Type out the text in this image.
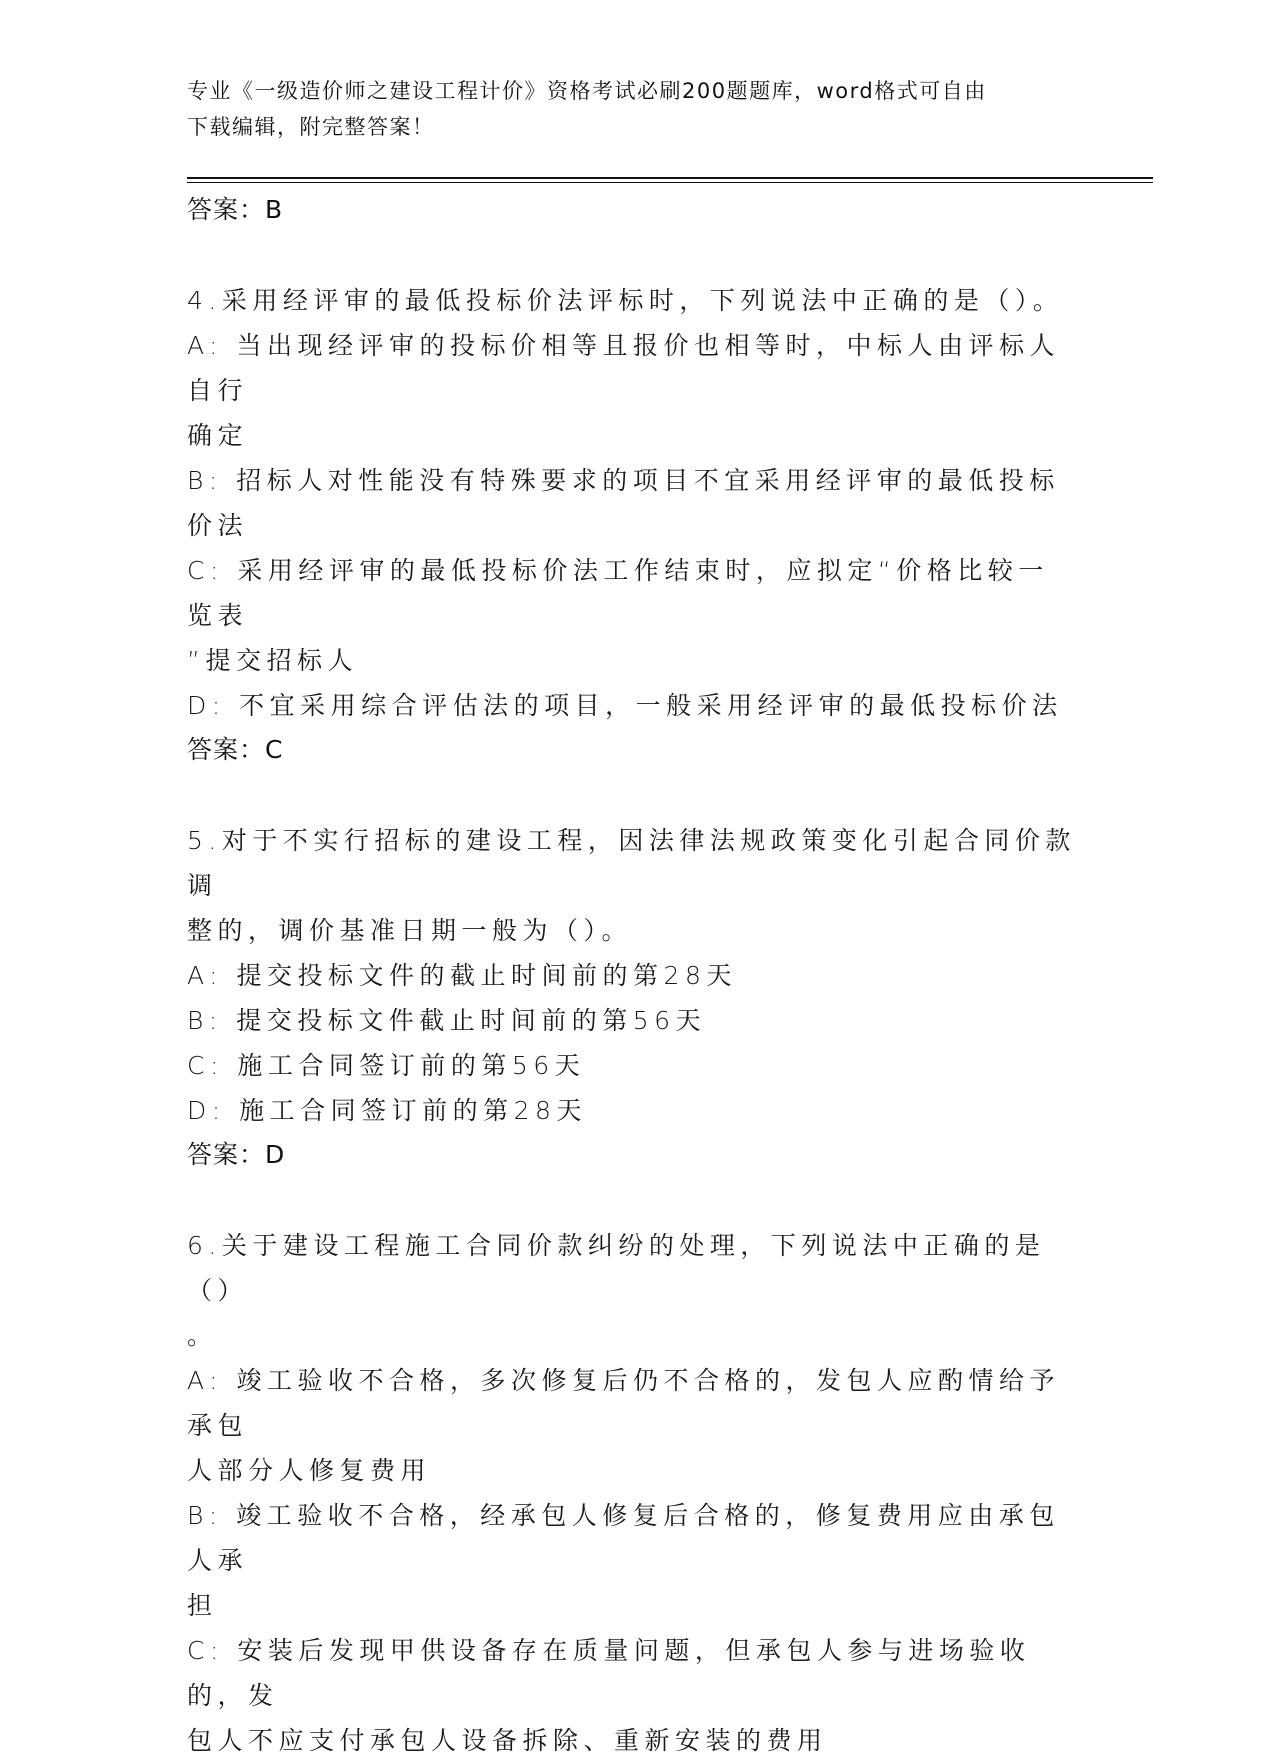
专业《一级造价师之建设工程计价》资格考试必刷200题题库，word格式可自由
下载编辑，附完整答案！

答案：B

4.采用经评审的最低投标价法评标时，下列说法中正确的是（）。

A: 当出现经评审的投标价相等且报价也相等时，中标人由评标人自行

确定

B: 招标人对性能没有特殊要求的项目不宜采用经评审的最低投标价法

C: 采用经评审的最低投标价法工作结束时，应拟定“价格比较一览表

”提交招标人

D: 不宜采用综合评估法的项目，一般采用经评审的最低投标价法

答案：C

5.对于不实行招标的建设工程，因法律法规政策变化引起合同价款调

整的，调价基准日期一般为（）。

A: 提交投标文件的截止时间前的第28天

B: 提交投标文件截止时间前的第56天

C: 施工合同签订前的第56天

D: 施工合同签订前的第28天

答案：D

6.关于建设工程施工合同价款纠纷的处理，下列说法中正确的是（）

。

A: 竣工验收不合格，多次修复后仍不合格的，发包人应酌情给予承包

人部分人修复费用

B: 竣工验收不合格，经承包人修复后合格的，修复费用应由承包人承

担

C: 安装后发现甲供设备存在质量问题，但承包人参与进场验收的，发

包人不应支付承包人设备拆除、重新安装的费用
